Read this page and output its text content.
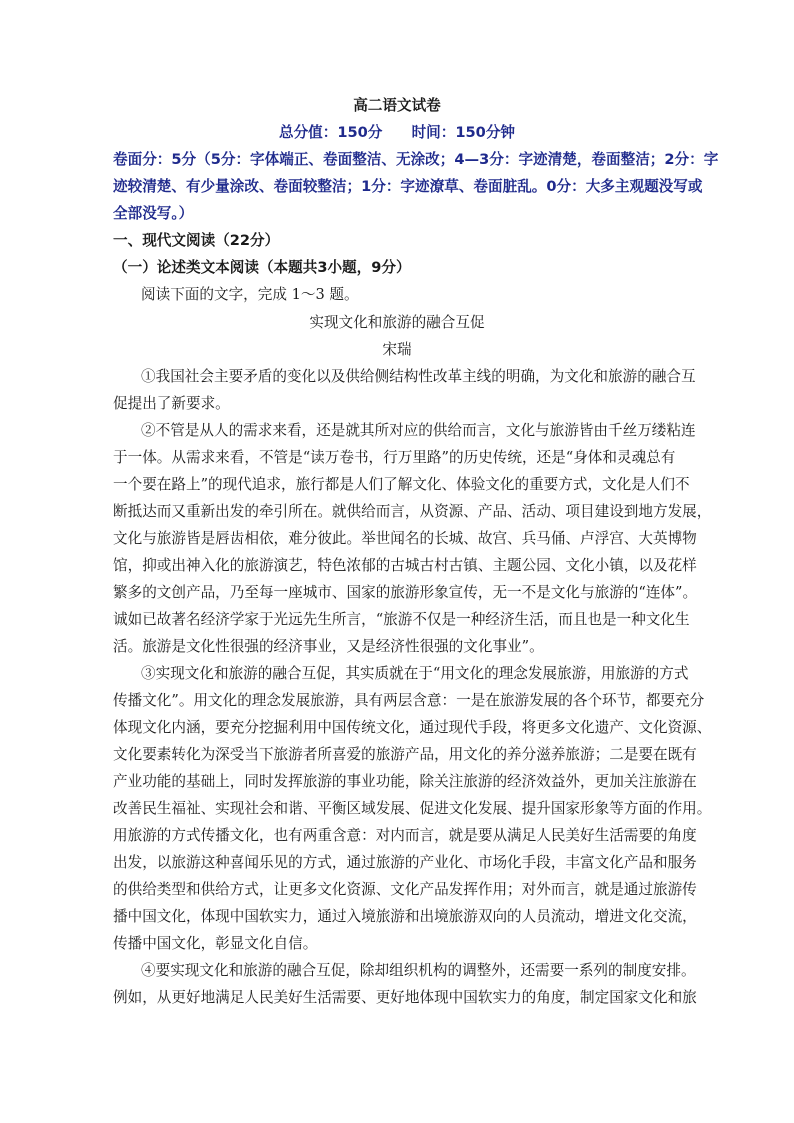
高二语文试卷
总分值：150分　　时间：150分钟
卷面分：5分（5分：字体端正、卷面整洁、无涂改；4—3分：字迹清楚，卷面整洁；2分：字
迹较清楚、有少量涂改、卷面较整洁；1分：字迹潦草、卷面脏乱。0分：大多主观题没写或
全部没写。）
一、现代文阅读（22分）
（一）论述类文本阅读（本题共3小题，9分）
阅读下面的文字，完成 1～3 题。
实现文化和旅游的融合互促
宋瑞
①我国社会主要矛盾的变化以及供给侧结构性改革主线的明确，为文化和旅游的融合互
促提出了新要求。
②不管是从人的需求来看，还是就其所对应的供给而言，文化与旅游皆由千丝万缕粘连
于一体。从需求来看，不管是“读万卷书，行万里路”的历史传统，还是“身体和灵魂总有
一个要在路上”的现代追求，旅行都是人们了解文化、体验文化的重要方式，文化是人们不
断抵达而又重新出发的牵引所在。就供给而言，从资源、产品、活动、项目建设到地方发展，
文化与旅游皆是唇齿相依，难分彼此。举世闻名的长城、故宫、兵马俑、卢浮宫、大英博物
馆，抑或出神入化的旅游演艺，特色浓郁的古城古村古镇、主题公园、文化小镇，以及花样
繁多的文创产品，乃至每一座城市、国家的旅游形象宣传，无一不是文化与旅游的“连体”。
诚如已故著名经济学家于光远先生所言，“旅游不仅是一种经济生活，而且也是一种文化生
活。旅游是文化性很强的经济事业，又是经济性很强的文化事业”。
③实现文化和旅游的融合互促，其实质就在于“用文化的理念发展旅游，用旅游的方式
传播文化”。用文化的理念发展旅游，具有两层含意：一是在旅游发展的各个环节，都要充分
体现文化内涵，要充分挖掘利用中国传统文化，通过现代手段，将更多文化遗产、文化资源、
文化要素转化为深受当下旅游者所喜爱的旅游产品，用文化的养分滋养旅游；二是要在既有
产业功能的基础上，同时发挥旅游的事业功能，除关注旅游的经济效益外，更加关注旅游在
改善民生福祉、实现社会和谐、平衡区域发展、促进文化发展、提升国家形象等方面的作用。
用旅游的方式传播文化，也有两重含意：对内而言，就是要从满足人民美好生活需要的角度
出发，以旅游这种喜闻乐见的方式，通过旅游的产业化、市场化手段，丰富文化产品和服务
的供给类型和供给方式，让更多文化资源、文化产品发挥作用；对外而言，就是通过旅游传
播中国文化，体现中国软实力，通过入境旅游和出境旅游双向的人员流动，增进文化交流，
传播中国文化，彰显文化自信。
④要实现文化和旅游的融合互促，除却组织机构的调整外，还需要一系列的制度安排。
例如，从更好地满足人民美好生活需要、更好地体现中国软实力的角度，制定国家文化和旅
